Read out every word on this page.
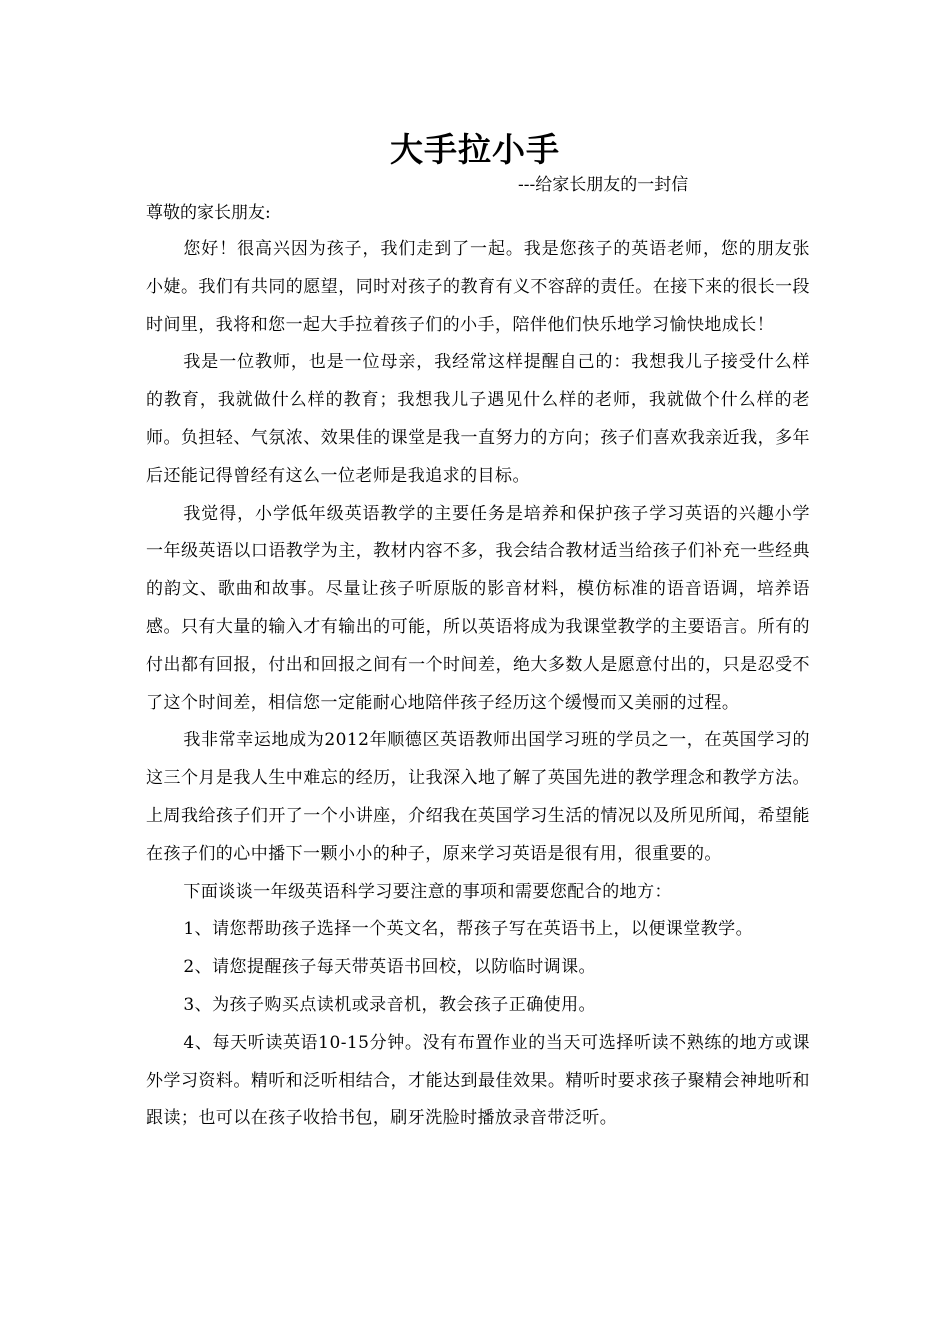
大手拉小手
---给家长朋友的一封信
尊敬的家长朋友:

您好！很高兴因为孩子，我们走到了一起。我是您孩子的英语老师，您的朋友张小婕。我们有共同的愿望，同时对孩子的教育有义不容辞的责任。在接下来的很长一段时间里，我将和您一起大手拉着孩子们的小手，陪伴他们快乐地学习愉快地成长！

我是一位教师，也是一位母亲，我经常这样提醒自己的：我想我儿子接受什么样的教育，我就做什么样的教育；我想我儿子遇见什么样的老师，我就做个什么样的老师。负担轻、气氛浓、效果佳的课堂是我一直努力的方向；孩子们喜欢我亲近我，多年后还能记得曾经有这么一位老师是我追求的目标。

我觉得，小学低年级英语教学的主要任务是培养和保护孩子学习英语的兴趣小学一年级英语以口语教学为主，教材内容不多，我会结合教材适当给孩子们补充一些经典的韵文、歌曲和故事。尽量让孩子听原版的影音材料，模仿标准的语音语调，培养语感。只有大量的输入才有输出的可能，所以英语将成为我课堂教学的主要语言。所有的付出都有回报，付出和回报之间有一个时间差，绝大多数人是愿意付出的，只是忍受不了这个时间差，相信您一定能耐心地陪伴孩子经历这个缓慢而又美丽的过程。

我非常幸运地成为2012年顺德区英语教师出国学习班的学员之一，在英国学习的这三个月是我人生中难忘的经历，让我深入地了解了英国先进的教学理念和教学方法。上周我给孩子们开了一个小讲座，介绍我在英国学习生活的情况以及所见所闻，希望能在孩子们的心中播下一颗小小的种子，原来学习英语是很有用，很重要的。

下面谈谈一年级英语科学习要注意的事项和需要您配合的地方：

1、请您帮助孩子选择一个英文名，帮孩子写在英语书上，以便课堂教学。

2、请您提醒孩子每天带英语书回校，以防临时调课。

3、为孩子购买点读机或录音机，教会孩子正确使用。

4、每天听读英语10-15分钟。没有布置作业的当天可选择听读不熟练的地方或课外学习资料。精听和泛听相结合，才能达到最佳效果。精听时要求孩子聚精会神地听和跟读；也可以在孩子收拾书包，刷牙洗脸时播放录音带泛听。
